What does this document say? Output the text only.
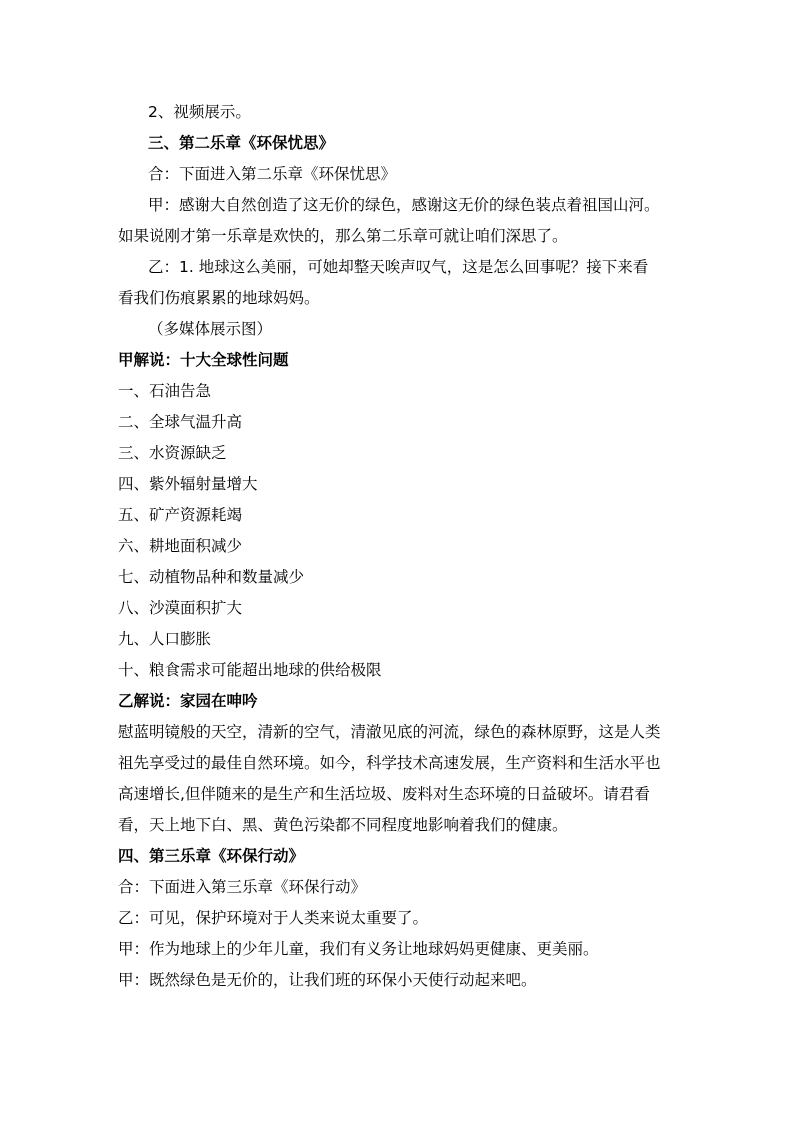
2、视频展示。
三、第二乐章《环保忧思》
合：下面进入第二乐章《环保忧思》
甲：感谢大自然创造了这无价的绿色，感谢这无价的绿色装点着祖国山河。
如果说刚才第一乐章是欢快的，那么第二乐章可就让咱们深思了。
乙：1. 地球这么美丽，可她却整天唉声叹气，这是怎么回事呢？接下来看
看我们伤痕累累的地球妈妈。
（多媒体展示图）
甲解说：十大全球性问题
一、石油告急
二、全球气温升高
三、水资源缺乏
四、紫外辐射量增大
五、矿产资源耗竭
六、耕地面积减少
七、动植物品种和数量减少
八、沙漠面积扩大
九、人口膨胀
十、粮食需求可能超出地球的供给极限
乙解说：家园在呻吟
慰蓝明镜般的天空，清新的空气，清澈见底的河流，绿色的森林原野，这是人类
祖先享受过的最佳自然环境。如今，科学技术高速发展，生产资料和生活水平也
高速增长,但伴随来的是生产和生活垃圾、废料对生态环境的日益破坏。请君看
看，天上地下白、黑、黄色污染都不同程度地影响着我们的健康。
四、第三乐章《环保行动》
合：下面进入第三乐章《环保行动》
乙：可见，保护环境对于人类来说太重要了。
甲：作为地球上的少年儿童，我们有义务让地球妈妈更健康、更美丽。
甲：既然绿色是无价的，让我们班的环保小天使行动起来吧。
